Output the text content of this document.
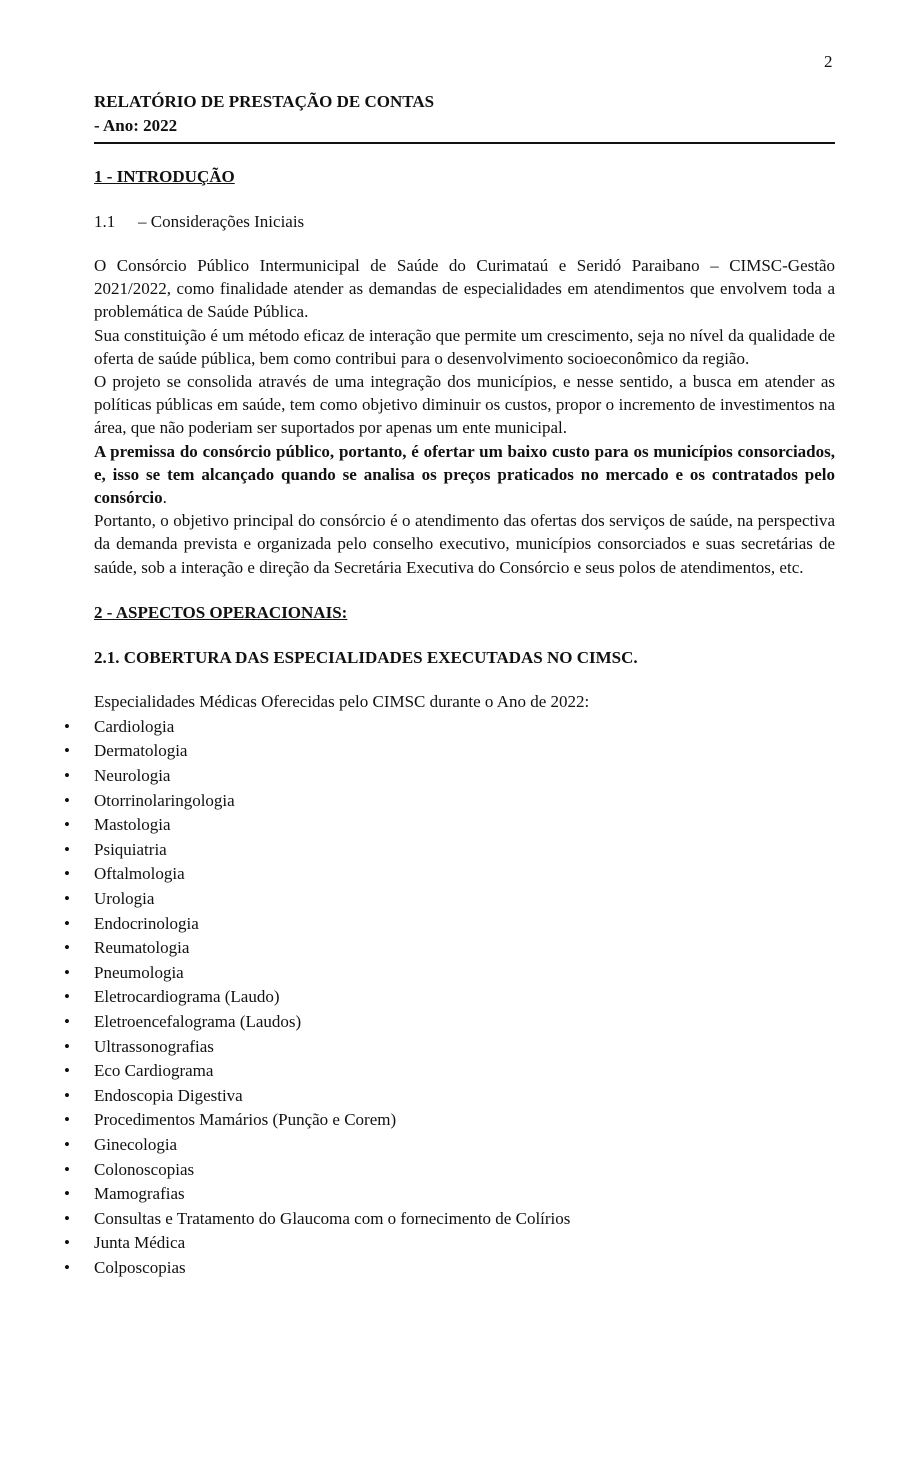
2
RELATÓRIO DE PRESTAÇÃO DE CONTAS
- Ano: 2022
1 - INTRODUÇÃO
1.1 – Considerações Iniciais

O Consórcio Público Intermunicipal de Saúde do Curimataú e Seridó Paraibano – CIMSC-Gestão 2021/2022, como finalidade atender as demandas de especialidades em atendimentos que envolvem toda a problemática de Saúde Pública.

Sua constituição é um método eficaz de interação que permite um crescimento, seja no nível da qualidade de oferta de saúde pública, bem como contribui para o desenvolvimento socioeconômico da região.

O projeto se consolida através de uma integração dos municípios, e nesse sentido, a busca em atender as políticas públicas em saúde, tem como objetivo diminuir os custos, propor o incremento de investimentos na área, que não poderiam ser suportados por apenas um ente municipal.

A premissa do consórcio público, portanto, é ofertar um baixo custo para os municípios consorciados, e, isso se tem alcançado quando se analisa os preços praticados no mercado e os contratados pelo consórcio.

Portanto, o objetivo principal do consórcio é o atendimento das ofertas dos serviços de saúde, na perspectiva da demanda prevista e organizada pelo conselho executivo, municípios consorciados e suas secretárias de saúde, sob a interação e direção da Secretária Executiva do Consórcio e seus polos de atendimentos, etc.

2 - ASPECTOS OPERACIONAIS:
2.1. COBERTURA DAS ESPECIALIDADES EXECUTADAS NO CIMSC.
Especialidades Médicas Oferecidas pelo CIMSC durante o Ano de 2022:
• Cardiologia
• Dermatologia
• Neurologia
• Otorrinolaringologia
• Mastologia
• Psiquiatria
• Oftalmologia
• Urologia
• Endocrinologia
• Reumatologia
• Pneumologia
• Eletrocardiograma (Laudo)
• Eletroencefalograma (Laudos)
• Ultrassonografias
• Eco Cardiograma
• Endoscopia Digestiva
• Procedimentos Mamários (Punção e Corem)
• Ginecologia
• Colonoscopias
• Mamografias
• Consultas e Tratamento do Glaucoma com o fornecimento de Colírios
• Junta Médica
• Colposcopias
